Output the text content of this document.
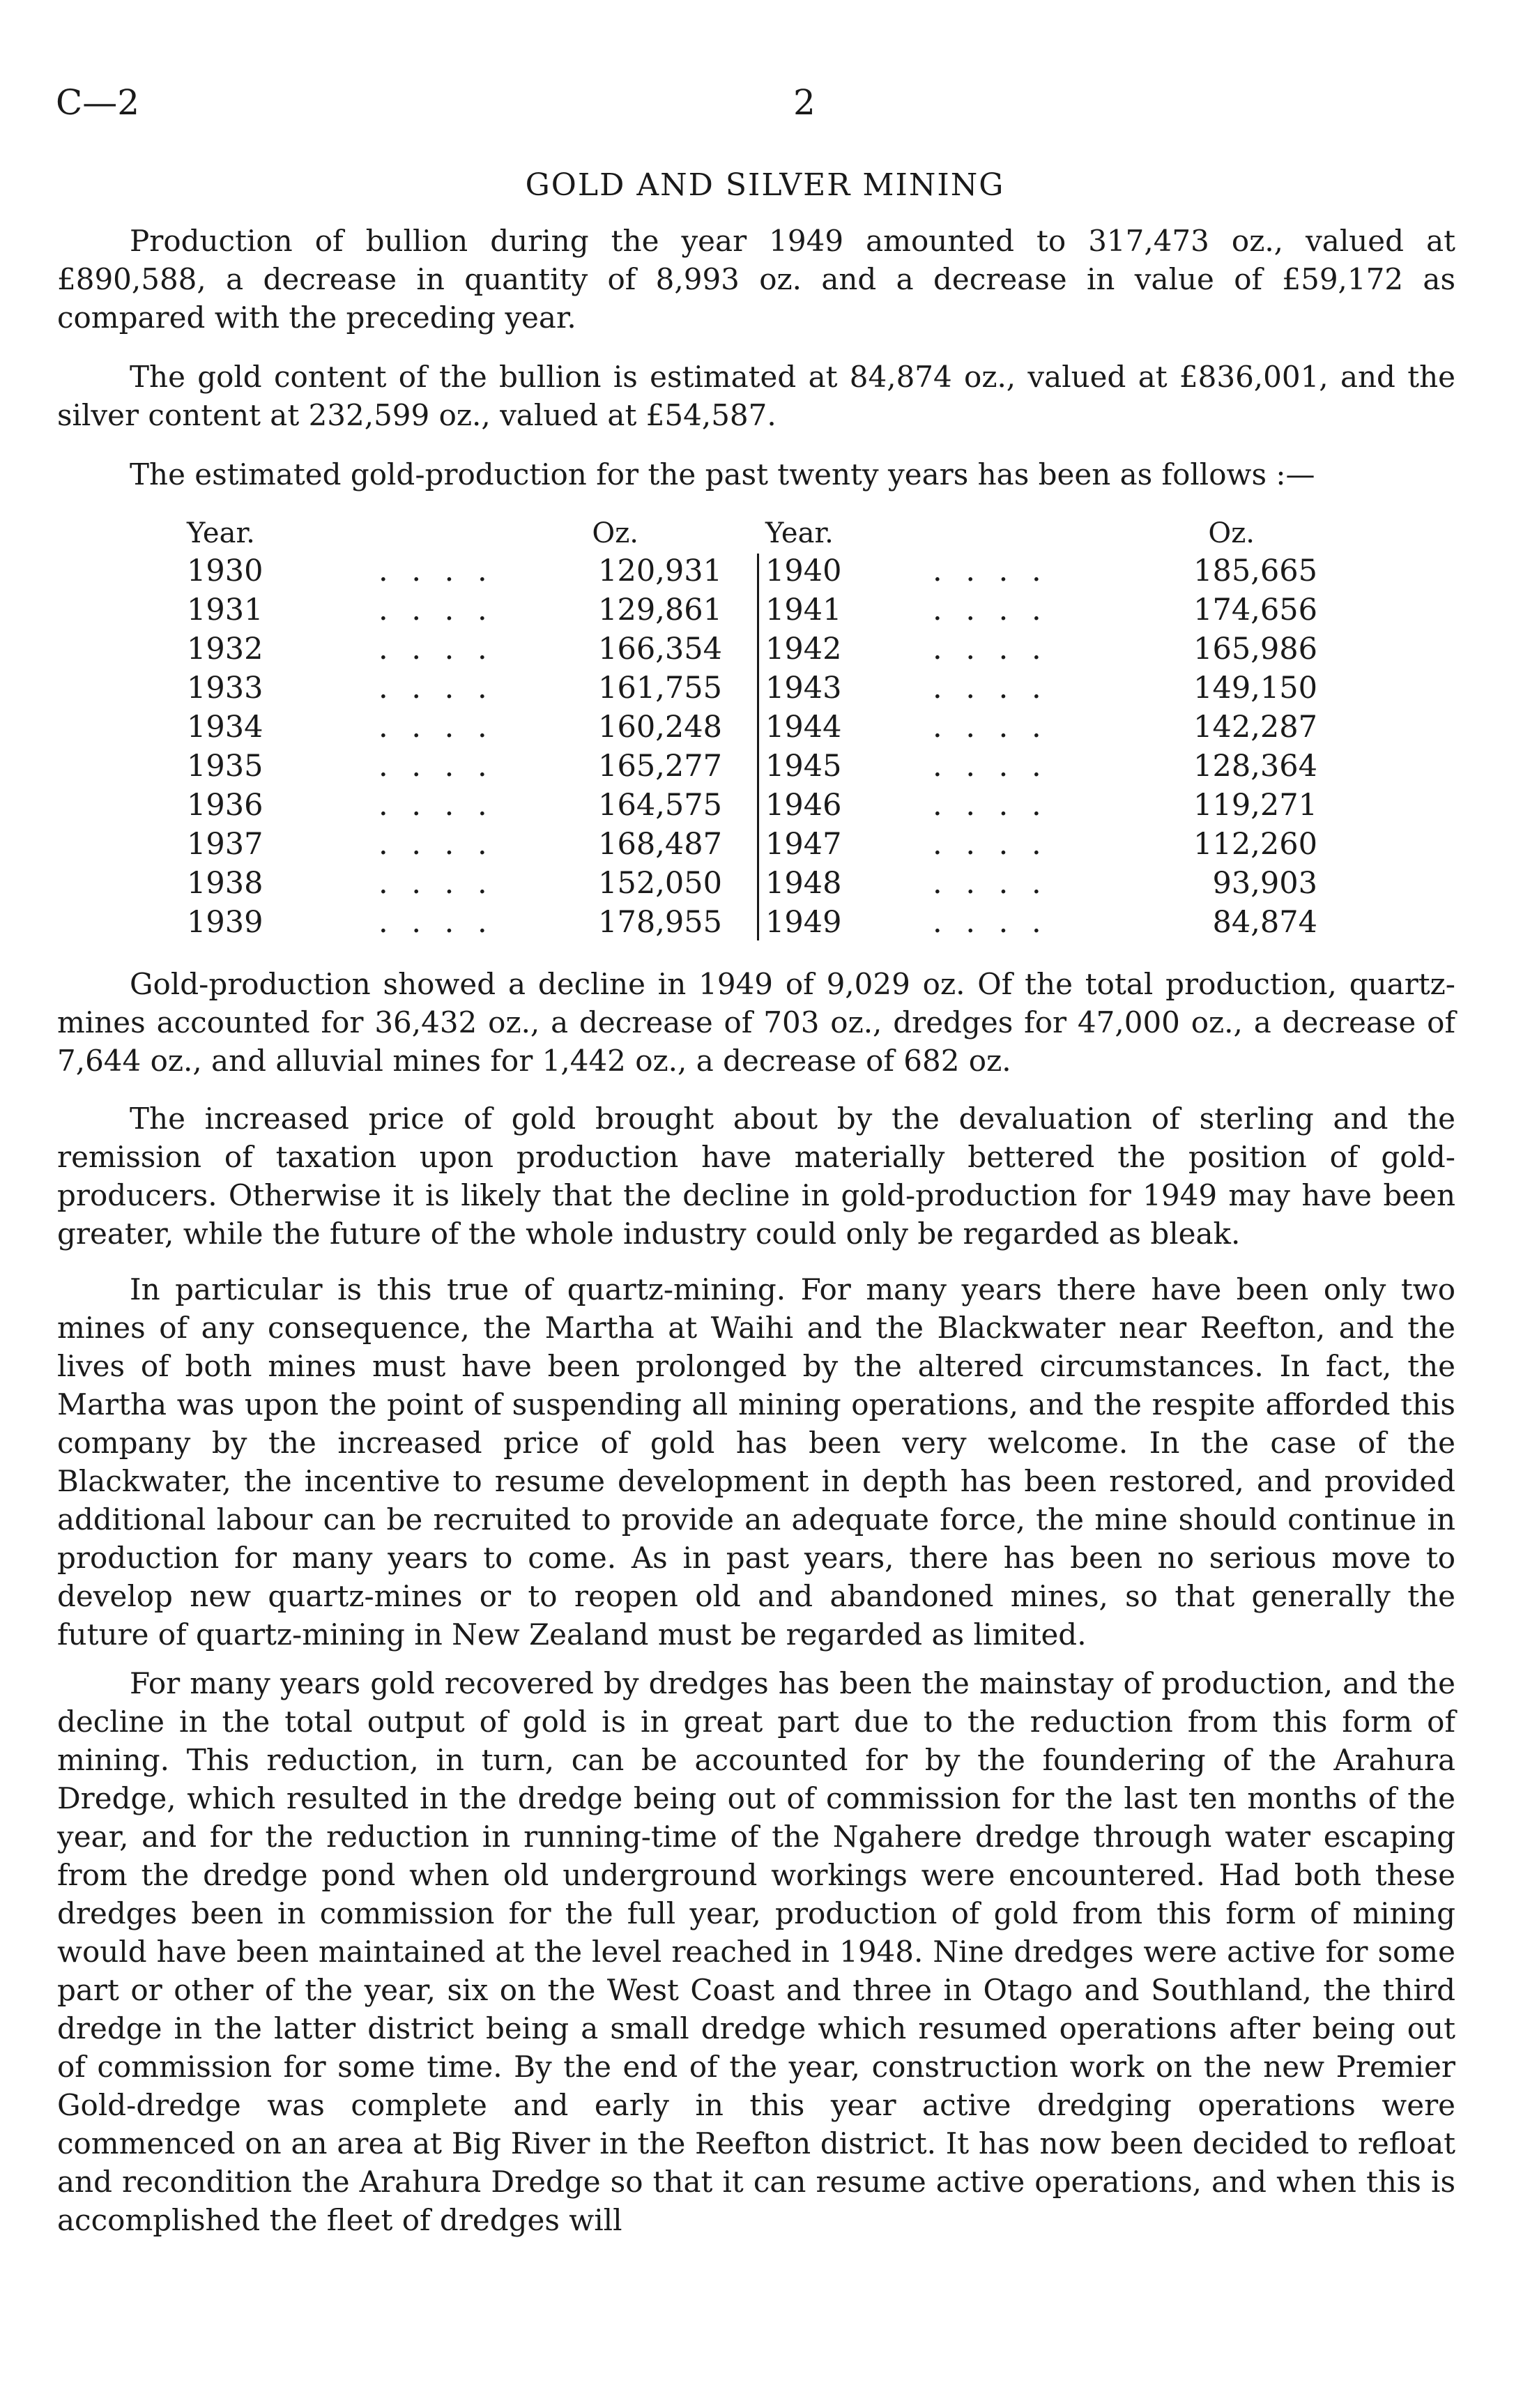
C—2	2
GOLD AND SILVER MINING

Production of bullion during the year 1949 amounted to 317,473 oz., valued at £890,588, a decrease in quantity of 8,993 oz. and a decrease in value of £59,172 as compared with the preceding year.

The gold content of the bullion is estimated at 84,874 oz., valued at £836,001, and the silver content at 232,599 oz., valued at £54,587.

The estimated gold-production for the past twenty years has been as follows :—

Year.	Oz.
1930	. . . .	120,931
1931	. . . .	129,861
1932	. . . .	166,354
1933	. . . .	161,755
1934	. . . .	160,248
1935	. . . .	165,277
1936	. . . .	164,575
1937	. . . .	168,487
1938	. . . .	152,050
1939	. . . .	178,955
Year.	Oz.
1940	. . . .	185,665
1941	. . . .	174,656
1942	. . . .	165,986
1943	. . . .	149,150
1944	. . . .	142,287
1945	. . . .	128,364
1946	. . . .	119,271
1947	. . . .	112,260
1948	. . . .	93,903
1949	. . . .	84,874

Gold-production showed a decline in 1949 of 9,029 oz. Of the total production, quartz-mines accounted for 36,432 oz., a decrease of 703 oz., dredges for 47,000 oz., a decrease of 7,644 oz., and alluvial mines for 1,442 oz., a decrease of 682 oz.

The increased price of gold brought about by the devaluation of sterling and the remission of taxation upon production have materially bettered the position of gold-producers. Otherwise it is likely that the decline in gold-production for 1949 may have been greater, while the future of the whole industry could only be regarded as bleak.

In particular is this true of quartz-mining. For many years there have been only two mines of any consequence, the Martha at Waihi and the Blackwater near Reefton, and the lives of both mines must have been prolonged by the altered circumstances. In fact, the Martha was upon the point of suspending all mining operations, and the respite afforded this company by the increased price of gold has been very welcome. In the case of the Blackwater, the incentive to resume development in depth has been restored, and provided additional labour can be recruited to provide an adequate force, the mine should continue in production for many years to come. As in past years, there has been no serious move to develop new quartz-mines or to reopen old and abandoned mines, so that generally the future of quartz-mining in New Zealand must be regarded as limited.

For many years gold recovered by dredges has been the mainstay of production, and the decline in the total output of gold is in great part due to the reduction from this form of mining. This reduction, in turn, can be accounted for by the foundering of the Arahura Dredge, which resulted in the dredge being out of commission for the last ten months of the year, and for the reduction in running-time of the Ngahere dredge through water escaping from the dredge pond when old underground workings were encountered. Had both these dredges been in commission for the full year, production of gold from this form of mining would have been maintained at the level reached in 1948. Nine dredges were active for some part or other of the year, six on the West Coast and three in Otago and Southland, the third dredge in the latter district being a small dredge which resumed operations after being out of commission for some time. By the end of the year, construction work on the new Premier Gold-dredge was complete and early in this year active dredging operations were commenced on an area at Big River in the Reefton district. It has now been decided to refloat and recondition the Arahura Dredge so that it can resume active operations, and when this is accomplished the fleet of dredges will
